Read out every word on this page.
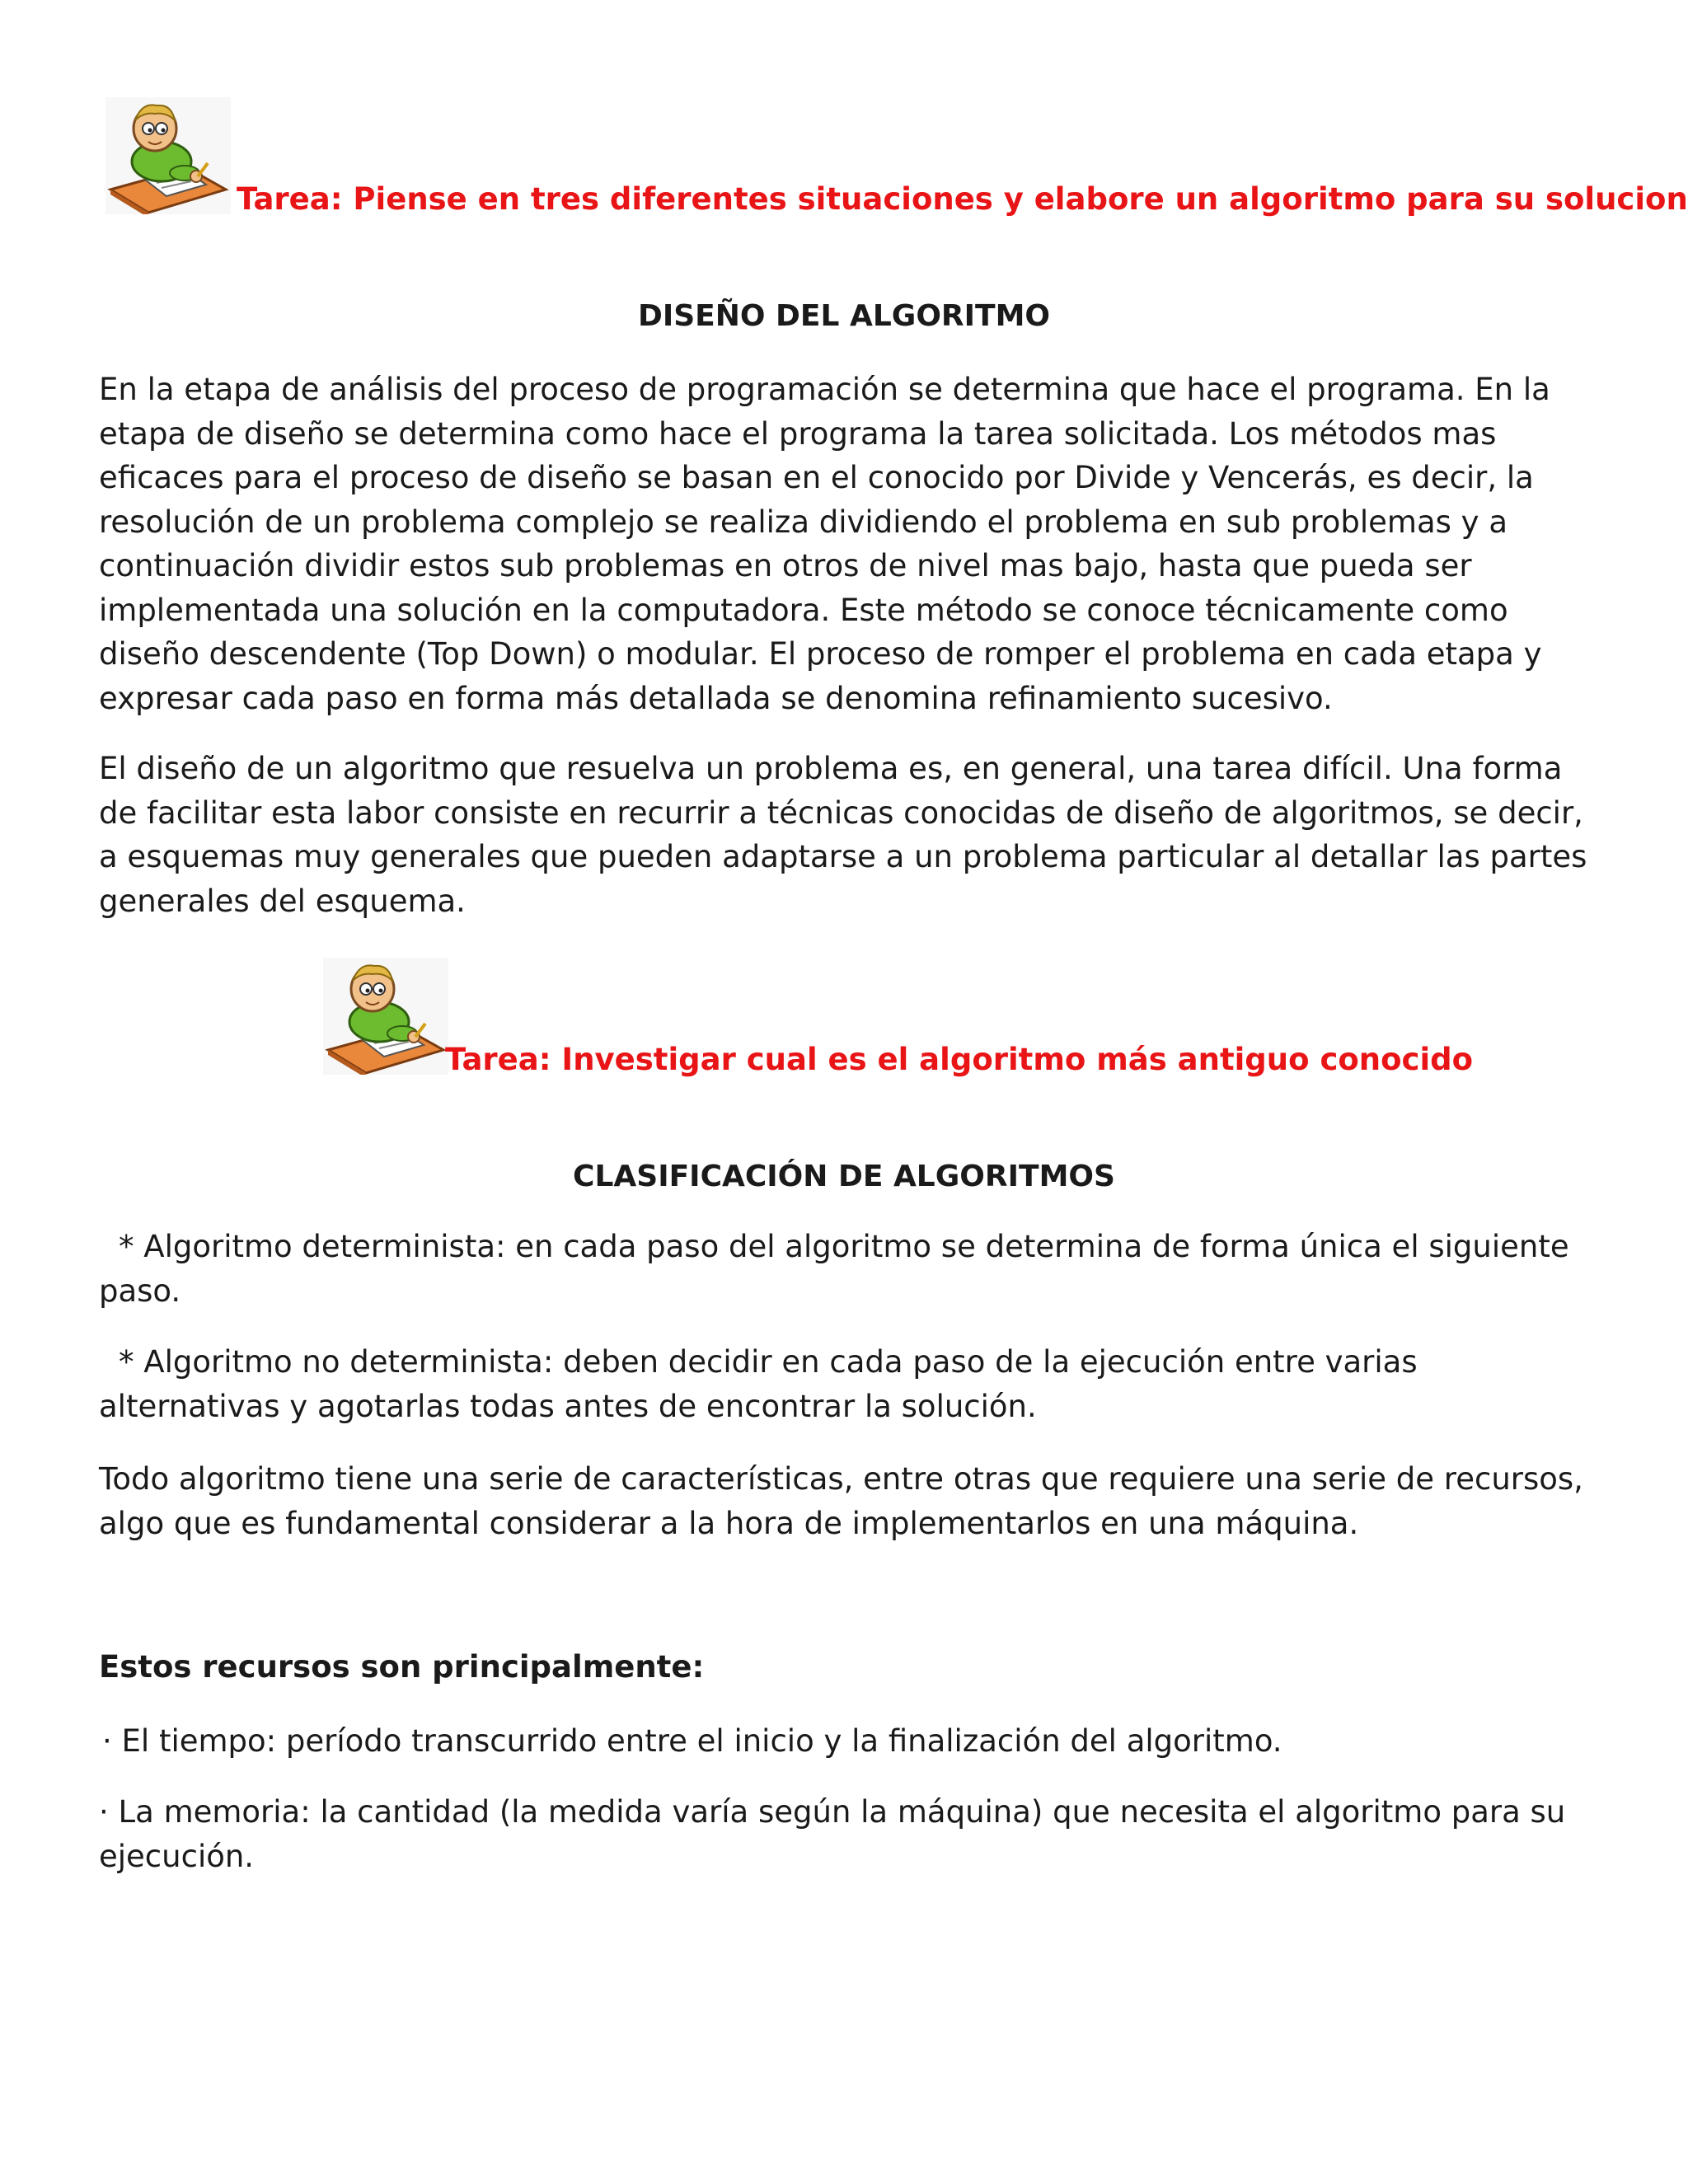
Tarea: Piense en tres diferentes situaciones y elabore un algoritmo para su solucion
DISEÑO DEL ALGORITMO

En la etapa de análisis del proceso de programación se determina que hace el programa. En la etapa de diseño se determina como hace el programa la tarea solicitada. Los métodos mas eficaces para el proceso de diseño se basan en el conocido por Divide y Vencerás, es decir, la resolución de un problema complejo se realiza dividiendo el problema en sub problemas y a continuación dividir estos sub problemas en otros de nivel mas bajo, hasta que pueda ser implementada una solución en la computadora. Este método se conoce técnicamente como diseño descendente (Top Down) o modular. El proceso de romper el problema en cada etapa y expresar cada paso en forma más detallada se denomina refinamiento sucesivo.

El diseño de un algoritmo que resuelva un problema es, en general, una tarea difícil. Una forma de facilitar esta labor consiste en recurrir a técnicas conocidas de diseño de algoritmos, se decir, a esquemas muy generales que pueden adaptarse a un problema particular al detallar las partes generales del esquema.

Tarea: Investigar cual es el algoritmo más antiguo conocido
CLASIFICACIÓN DE ALGORITMOS

* Algoritmo determinista: en cada paso del algoritmo se determina de forma única el siguiente paso.

* Algoritmo no determinista: deben decidir en cada paso de la ejecución entre varias alternativas y agotarlas todas antes de encontrar la solución.

Todo algoritmo tiene una serie de características, entre otras que requiere una serie de recursos, algo que es fundamental considerar a la hora de implementarlos en una máquina.

Estos recursos son principalmente:

· El tiempo: período transcurrido entre el inicio y la finalización del algoritmo.

· La memoria: la cantidad (la medida varía según la máquina) que necesita el algoritmo para su ejecución.
